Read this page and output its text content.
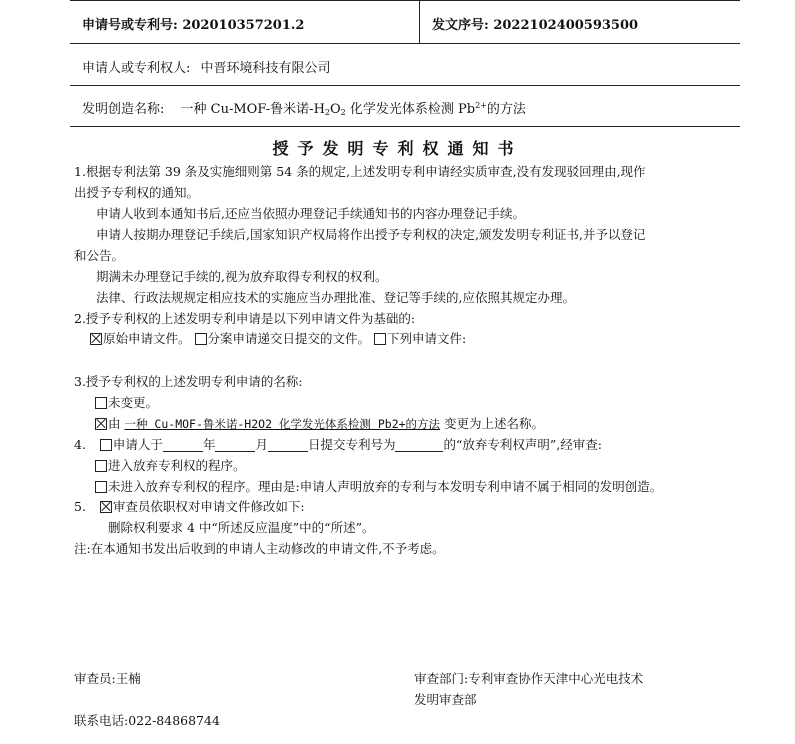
申请号或专利号: 202010357201.2	发文序号: 2022102400593500
申请人或专利权人: 中晋环境科技有限公司
发明创造名称: 一种 Cu-MOF-鲁米诺$-H_2O_2$ 化学发光体系检测 $Pb^{2+}$的方法
授予发明专利权通知书
1.根据专利法第 39 条及实施细则第 54 条的规定,上述发明专利申请经实质审查,没有发现驳回理由,现作
出授予专利权的通知。
申请人收到本通知书后,还应当依照办理登记手续通知书的内容办理登记手续。
申请人按期办理登记手续后,国家知识产权局将作出授予专利权的决定,颁发发明专利证书,并予以登记
和公告。
期满未办理登记手续的,视为放弃取得专利权的权利。
法律、行政法规规定相应技术的实施应当办理批准、登记等手续的,应依照其规定办理。
2.授予专利权的上述发明专利申请是以下列申请文件为基础的:
原始申请文件。 分案申请递交日提交的文件。 下列申请文件:
3.授予专利权的上述发明专利申请的名称:
未变更。
由 一种 Cu-MOF-鲁米诺-H2O2 化学发光体系检测 Pb2+的方法 变更为上述名称。
4. 申请人于	年	月	日提交专利号为	的“放弃专利权声明”,经审查:
进入放弃专利权的程序。
未进入放弃专利权的程序。理由是:申请人声明放弃的专利与本发明专利申请不属于相同的发明创造。
5. 审查员依职权对申请文件修改如下:
删除权利要求 4 中“所述反应温度”中的“所述”。
注:在本通知书发出后收到的申请人主动修改的申请文件,不予考虑。
审查员:王楠	审查部门:专利审查协作天津中心光电技术
发明审查部
联系电话:022-84868744
